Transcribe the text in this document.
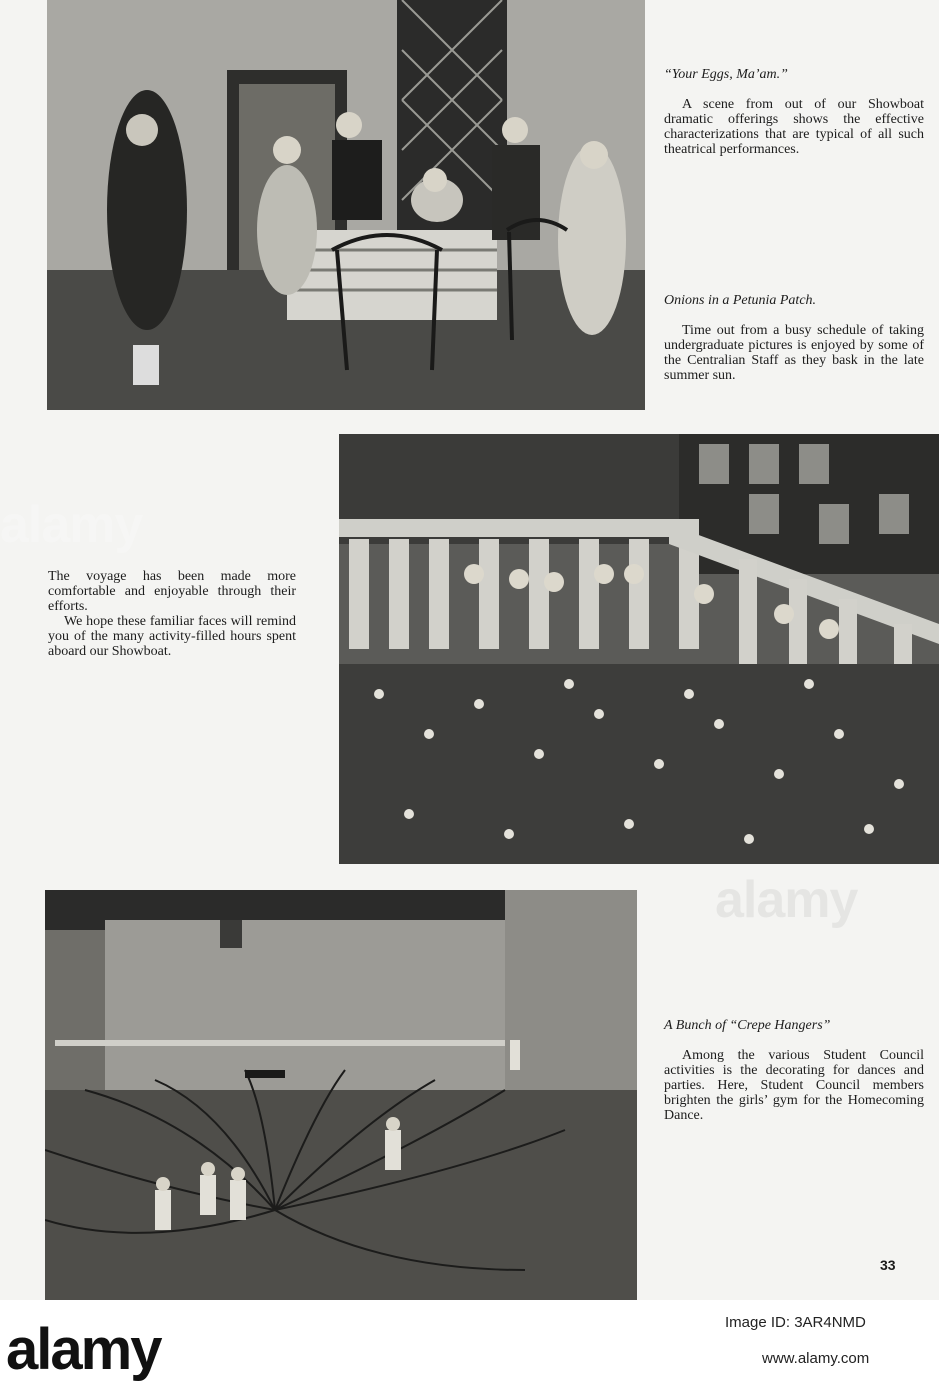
“Your Eggs, Ma’am.”

A scene from out of our Showboat dramatic offerings shows the effective characterizations that are typical of all such theatrical performances.

Onions in a Petunia Patch.

Time out from a busy schedule of taking undergraduate pictures is enjoyed by some of the Centralian Staff as they bask in the late summer sun.

The voyage has been made more comfortable and enjoyable through their efforts.

We hope these familiar faces will remind you of the many activity-filled hours spent aboard our Showboat.

A Bunch of “Crepe Hangers”

Among the various Student Council activities is the decorating for dances and parties. Here, Student Council members brighten the girls’ gym for the Homecoming Dance.

33
alamy
alamy
alamy	Image ID: 3AR4NMD
www.alamy.com
